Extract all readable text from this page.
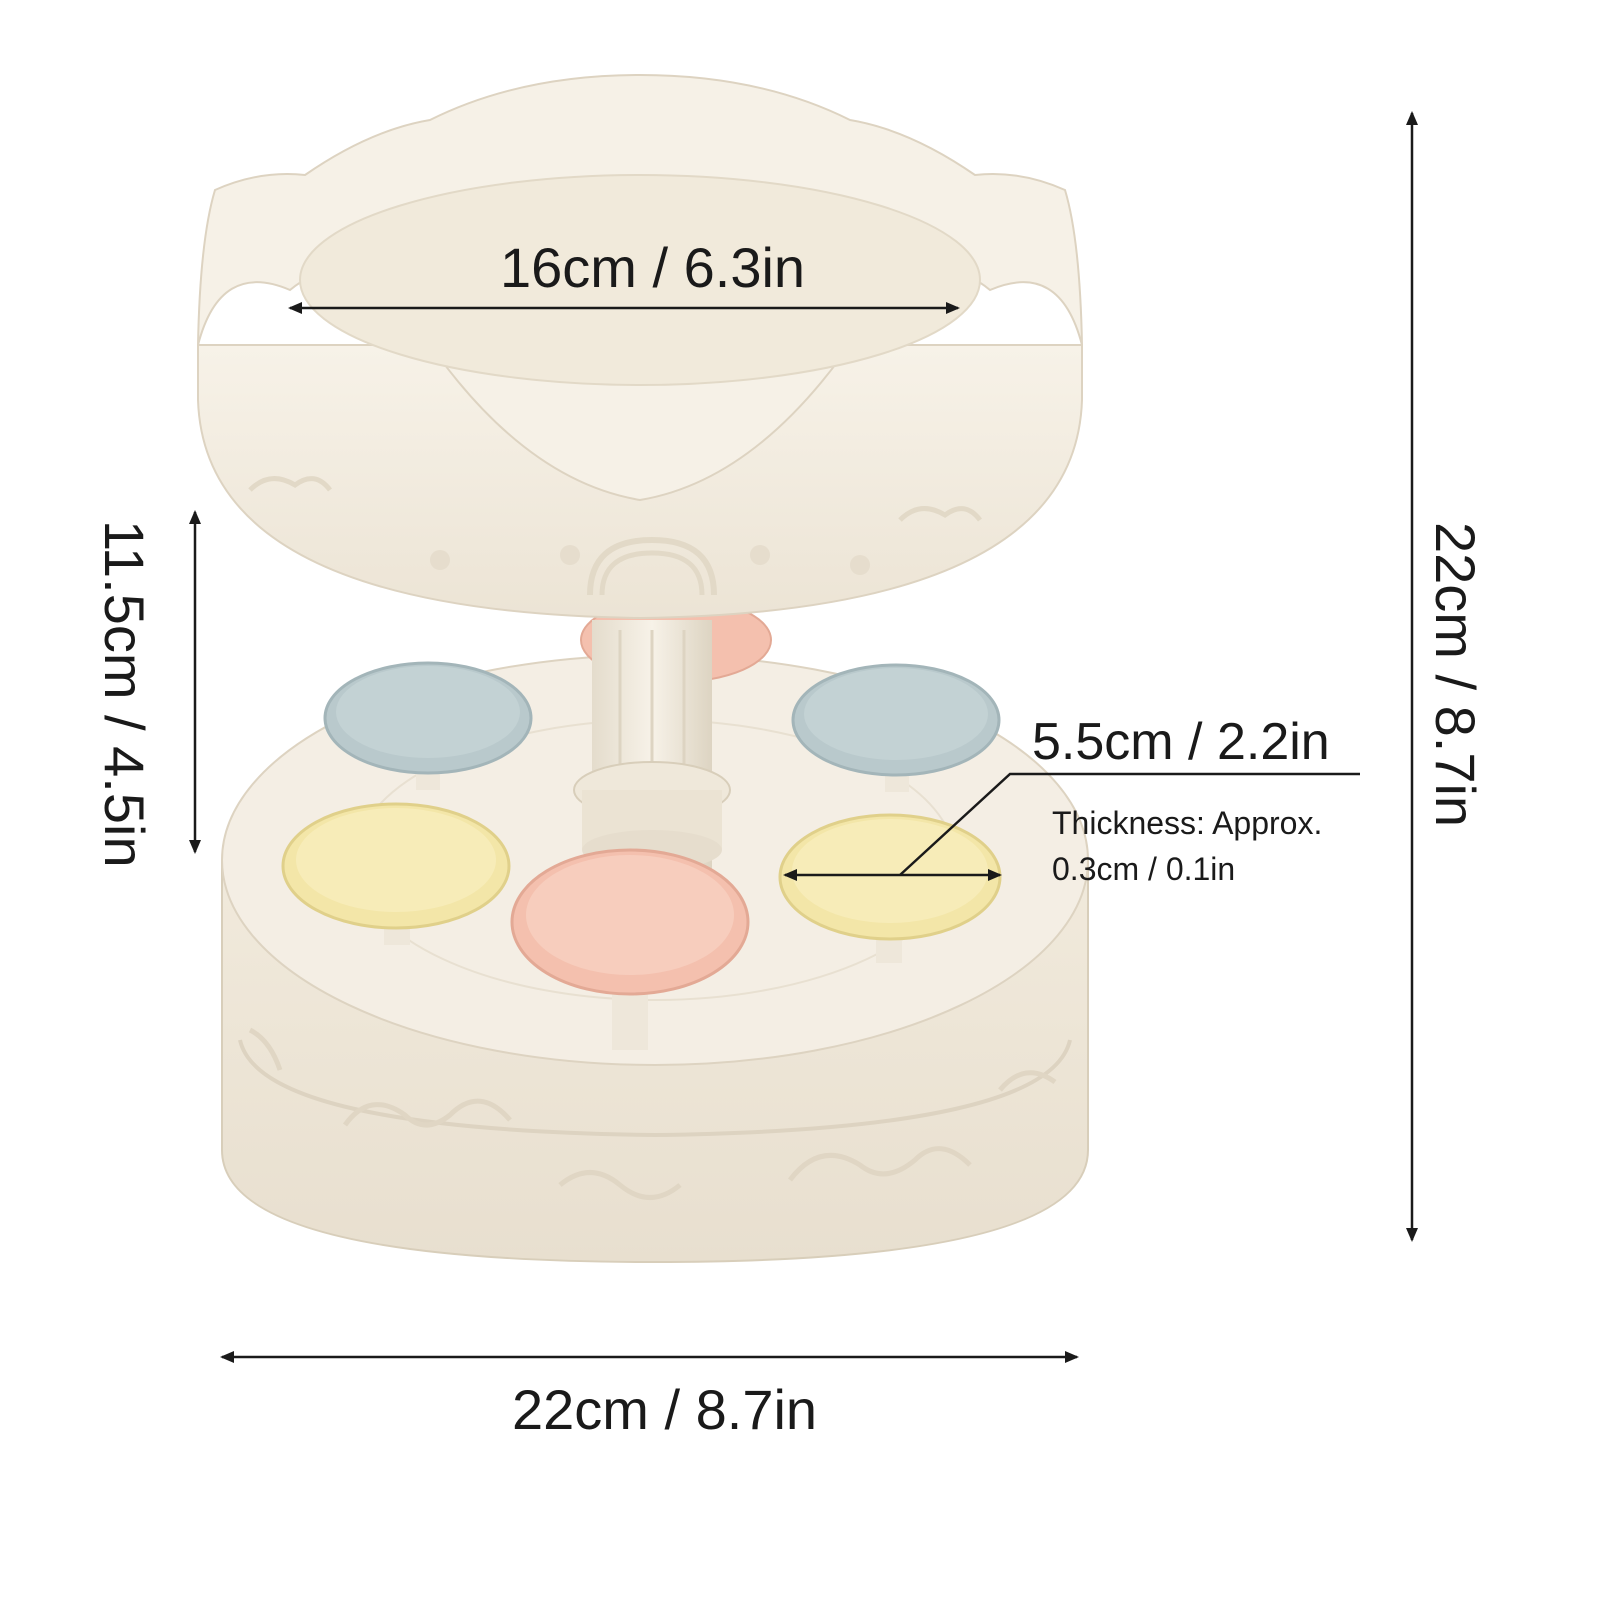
16cm / 6.3in
11.5cm / 4.5in	5.5cm / 2.2in
Thickness: Approx.
0.3cm / 0.1in
22cm / 8.7in
22cm / 8.7in
